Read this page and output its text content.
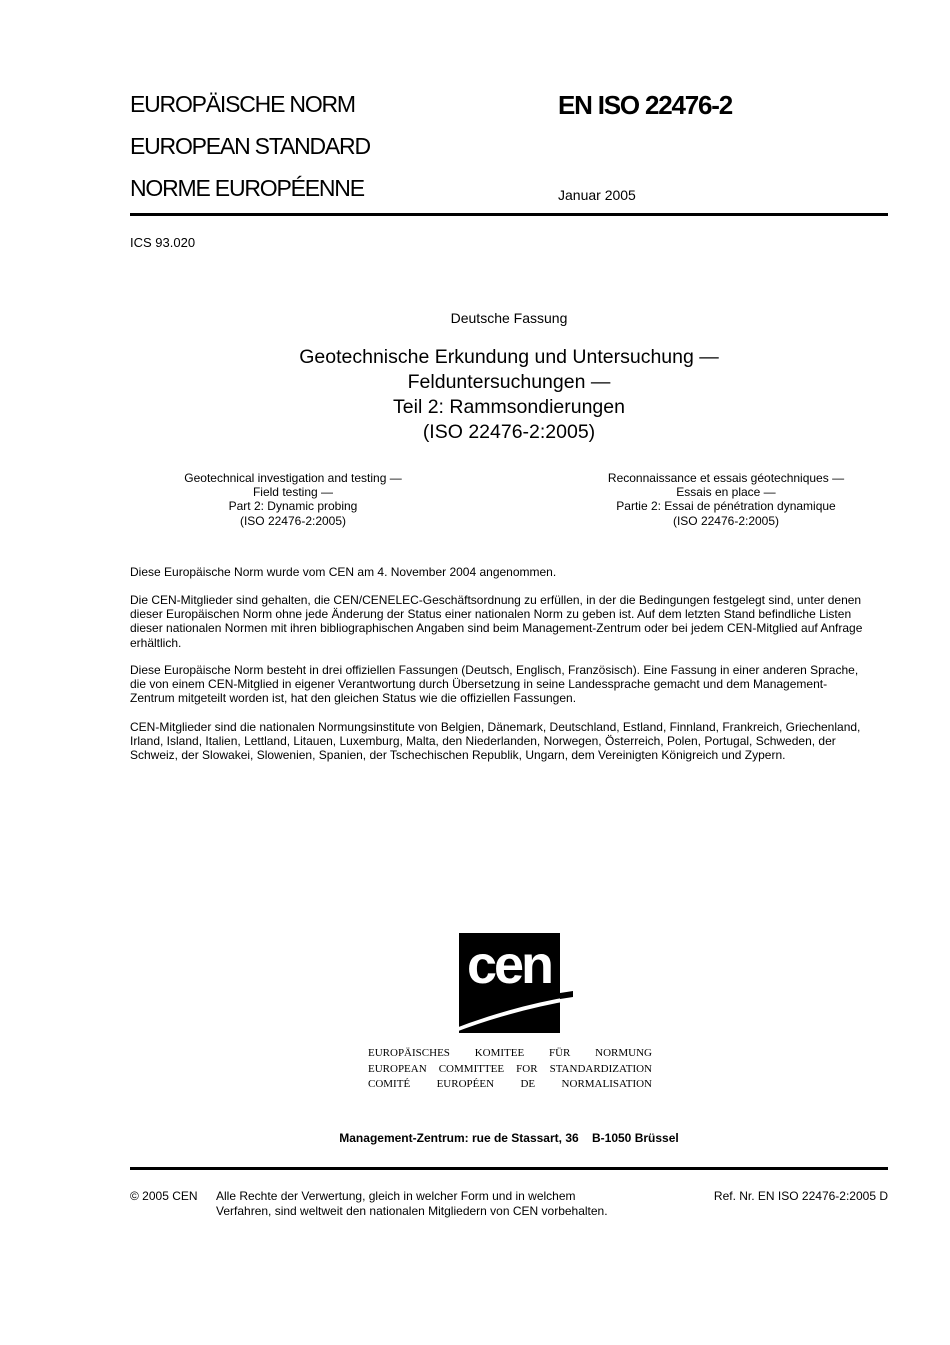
EUROPÄISCHE NORM
EUROPEAN STANDARD
NORME EUROPÉENNE
EN ISO 22476-2
Januar 2005
ICS 93.020
Deutsche Fassung
Geotechnische Erkundung und Untersuchung —
Felduntersuchungen —
Teil 2: Rammsondierungen
(ISO 22476-2:2005)
Geotechnical investigation and testing —
Field testing —
Part 2: Dynamic probing
(ISO 22476-2:2005)
Reconnaissance et essais géotechniques —
Essais en place —
Partie 2: Essai de pénétration dynamique
(ISO 22476-2:2005)
Diese Europäische Norm wurde vom CEN am 4. November 2004 angenommen.
Die CEN-Mitglieder sind gehalten, die CEN/CENELEC-Geschäftsordnung zu erfüllen, in der die Bedingungen festgelegt sind, unter denen
dieser Europäischen Norm ohne jede Änderung der Status einer nationalen Norm zu geben ist. Auf dem letzten Stand befindliche Listen
dieser nationalen Normen mit ihren bibliographischen Angaben sind beim Management-Zentrum oder bei jedem CEN-Mitglied auf Anfrage
erhältlich.
Diese Europäische Norm besteht in drei offiziellen Fassungen (Deutsch, Englisch, Französisch). Eine Fassung in einer anderen Sprache,
die von einem CEN-Mitglied in eigener Verantwortung durch Übersetzung in seine Landessprache gemacht und dem Management-
Zentrum mitgeteilt worden ist, hat den gleichen Status wie die offiziellen Fassungen.
CEN-Mitglieder sind die nationalen Normungsinstitute von Belgien, Dänemark, Deutschland, Estland, Finnland, Frankreich, Griechenland,
Irland, Island, Italien, Lettland, Litauen, Luxemburg, Malta, den Niederlanden, Norwegen, Österreich, Polen, Portugal, Schweden, der
Schweiz, der Slowakei, Slowenien, Spanien, der Tschechischen Republik, Ungarn, dem Vereinigten Königreich und Zypern.
cen
EUROPÄISCHES KOMITEE FÜR NORMUNG
EUROPEAN COMMITTEE FOR STANDARDIZATION
COMITÉ EUROPÉEN DE NORMALISATION
Management-Zentrum: rue de Stassart, 36    B-1050 Brüssel
© 2005 CEN Alle Rechte der Verwertung, gleich in welcher Form und in welchem
Verfahren, sind weltweit den nationalen Mitgliedern von CEN vorbehalten.
Ref. Nr. EN ISO 22476-2:2005 D
